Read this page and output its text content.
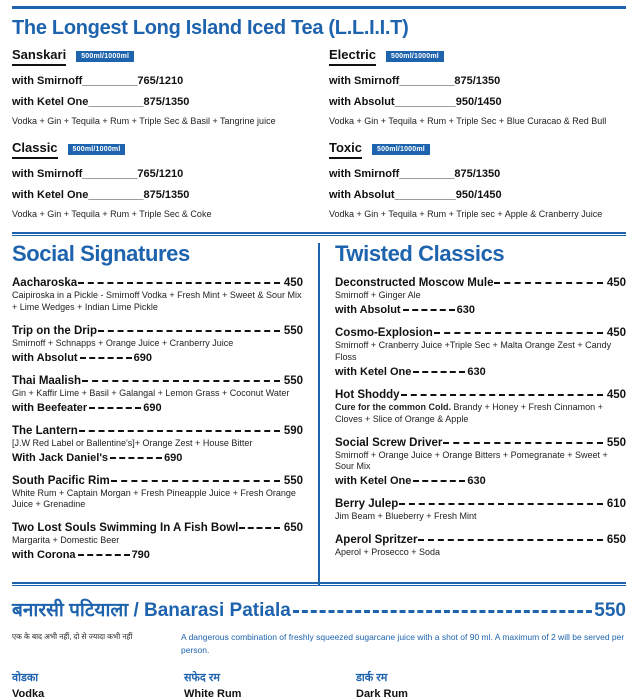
The Longest Long Island Iced Tea (L.L.I.I.T)
Sanskari	500ml/1000ml
with Smirnoff_________765/1210
with Ketel One_________875/1350
Vodka + Gin + Tequila + Rum + Triple Sec & Basil + Tangrine juice
Electric	500ml/1000ml
with Smirnoff_________875/1350
with Absolut__________950/1450
Vodka + Gin + Tequila + Rum + Triple Sec + Blue Curacao & Red Bull
Classic	500ml/1000ml
with Smirnoff_________765/1210
with Ketel One_________875/1350
Vodka + Gin + Tequila + Rum + Triple Sec & Coke
Toxic	500ml/1000ml
with Smirnoff_________875/1350
with Absolut__________950/1450
Vodka + Gin + Tequila + Rum + Triple sec + Apple & Cranberry Juice
Social Signatures
Aacharoska	450
Caipiroska in a Pickle - Smirnoff Vodka + Fresh Mint + Sweet & Sour Mix + Lime Wedges + Indian Lime Pickle
Trip on the Drip	550
Smirnoff + Schnapps + Orange Juice + Cranberry Juice
with Absolut	690
Thai Maalish	550
Gin + Kaffir Lime + Basil + Galangal + Lemon Grass + Coconut Water
with Beefeater	690
The Lantern	590
[J.W Red Label or Ballentine's]+ Orange Zest + House Bitter
With Jack Daniel's	690
South Pacific Rim	550
White Rum + Captain Morgan + Fresh Pineapple Juice + Fresh Orange Juice + Grenadine
Two Lost Souls Swimming In A Fish Bowl	650
Margarita + Domestic Beer
with Corona	790
Twisted Classics
Deconstructed Moscow Mule	450
Smirnoff + Ginger Ale
with Absolut	630
Cosmo-Explosion	450
Smirnoff + Cranberry Juice +Triple Sec + Malta Orange Zest + Candy Floss
with Ketel One	630
Hot Shoddy	450
Cure for the common Cold. Brandy + Honey + Fresh Cinnamon + Cloves + Slice of Orange & Apple
Social Screw Driver	550
Smirnoff + Orange Juice + Orange Bitters + Pomegranate + Sweet + Sour Mix
with Ketel One	630
Berry Julep	610
Jim Beam + Blueberry + Fresh Mint
Aperol Spritzer	650
Aperol + Prosecco + Soda
बनारसी पटियाला / Banarasi Patiala	550
एक के बाद अभी नहीं, दो से ज्यादा कभी नहीं	A dangerous combination of freshly squeezed sugarcane juice with a shot of 90 ml. A maximum of 2 will be served per person.
वोडका
Vodka
सफेद रम
White Rum
डार्क रम
Dark Rum
